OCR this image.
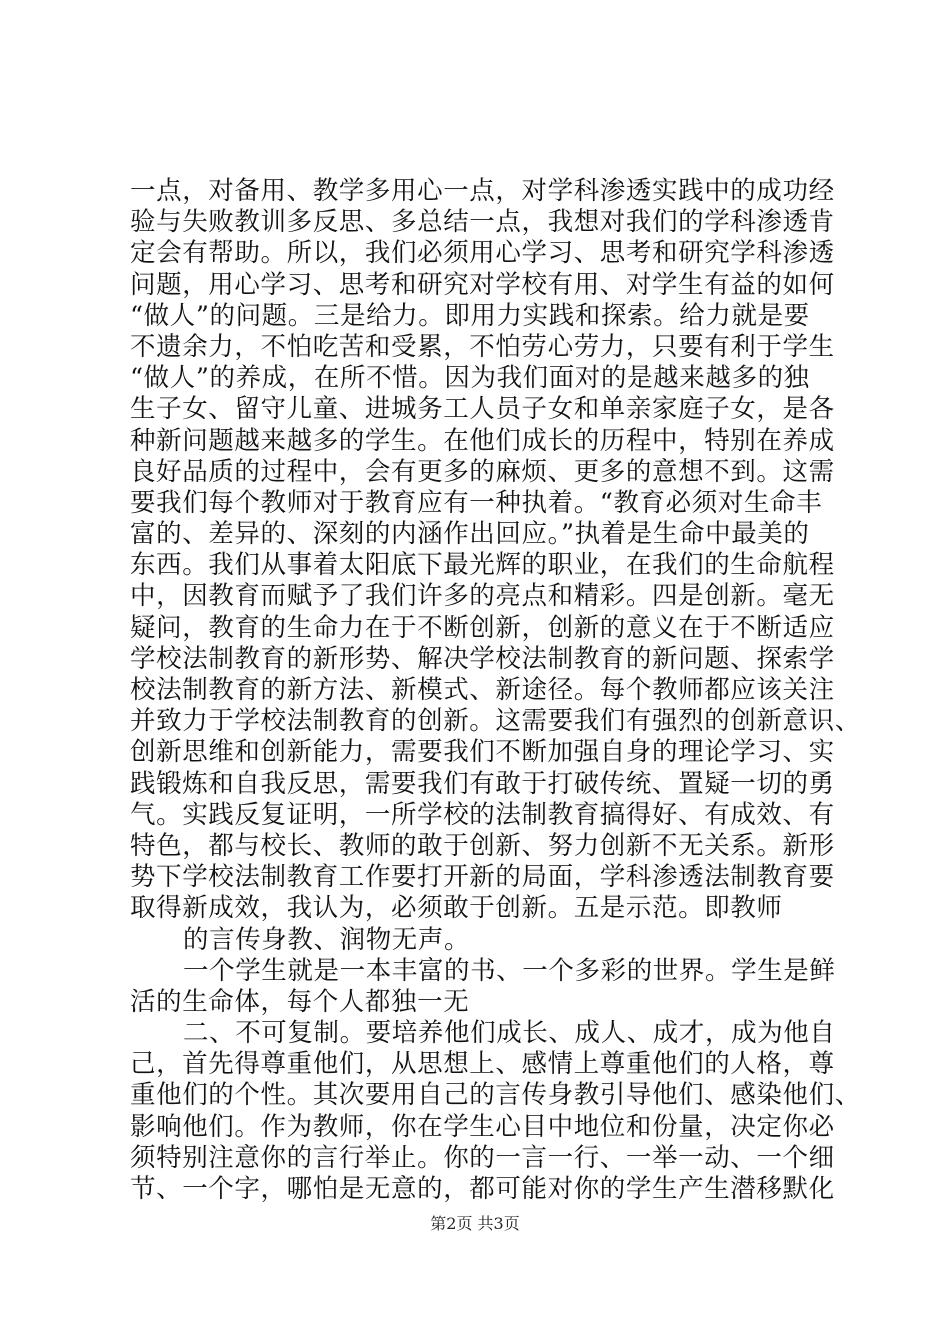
一点，对备用、教学多用心一点，对学科渗透实践中的成功经
验与失败教训多反思、多总结一点，我想对我们的学科渗透肯
定会有帮助。所以，我们必须用心学习、思考和研究学科渗透
问题，用心学习、思考和研究对学校有用、对学生有益的如何
“做人”的问题。三是给力。即用力实践和探索。给力就是要
不遗余力，不怕吃苦和受累，不怕劳心劳力，只要有利于学生
“做人”的养成，在所不惜。因为我们面对的是越来越多的独
生子女、留守儿童、进城务工人员子女和单亲家庭子女，是各
种新问题越来越多的学生。在他们成长的历程中，特别在养成
良好品质的过程中，会有更多的麻烦、更多的意想不到。这需
要我们每个教师对于教育应有一种执着。“教育必须对生命丰
富的、差异的、深刻的内涵作出回应。”执着是生命中最美的
东西。我们从事着太阳底下最光辉的职业，在我们的生命航程
中，因教育而赋予了我们许多的亮点和精彩。四是创新。毫无
疑问，教育的生命力在于不断创新，创新的意义在于不断适应
学校法制教育的新形势、解决学校法制教育的新问题、探索学
校法制教育的新方法、新模式、新途径。每个教师都应该关注
并致力于学校法制教育的创新。这需要我们有强烈的创新意识、
创新思维和创新能力，需要我们不断加强自身的理论学习、实
践锻炼和自我反思，需要我们有敢于打破传统、置疑一切的勇
气。实践反复证明，一所学校的法制教育搞得好、有成效、有
特色，都与校长、教师的敢于创新、努力创新不无关系。新形
势下学校法制教育工作要打开新的局面，学科渗透法制教育要
取得新成效，我认为，必须敢于创新。五是示范。即教师
的言传身教、润物无声。
一个学生就是一本丰富的书、一个多彩的世界。学生是鲜
活的生命体，每个人都独一无
二、不可复制。要培养他们成长、成人、成才，成为他自
己，首先得尊重他们，从思想上、感情上尊重他们的人格，尊
重他们的个性。其次要用自己的言传身教引导他们、感染他们、
影响他们。作为教师，你在学生心目中地位和份量，决定你必
须特别注意你的言行举止。你的一言一行、一举一动、一个细
节、一个字，哪怕是无意的，都可能对你的学生产生潜移默化
第2页 共3页
